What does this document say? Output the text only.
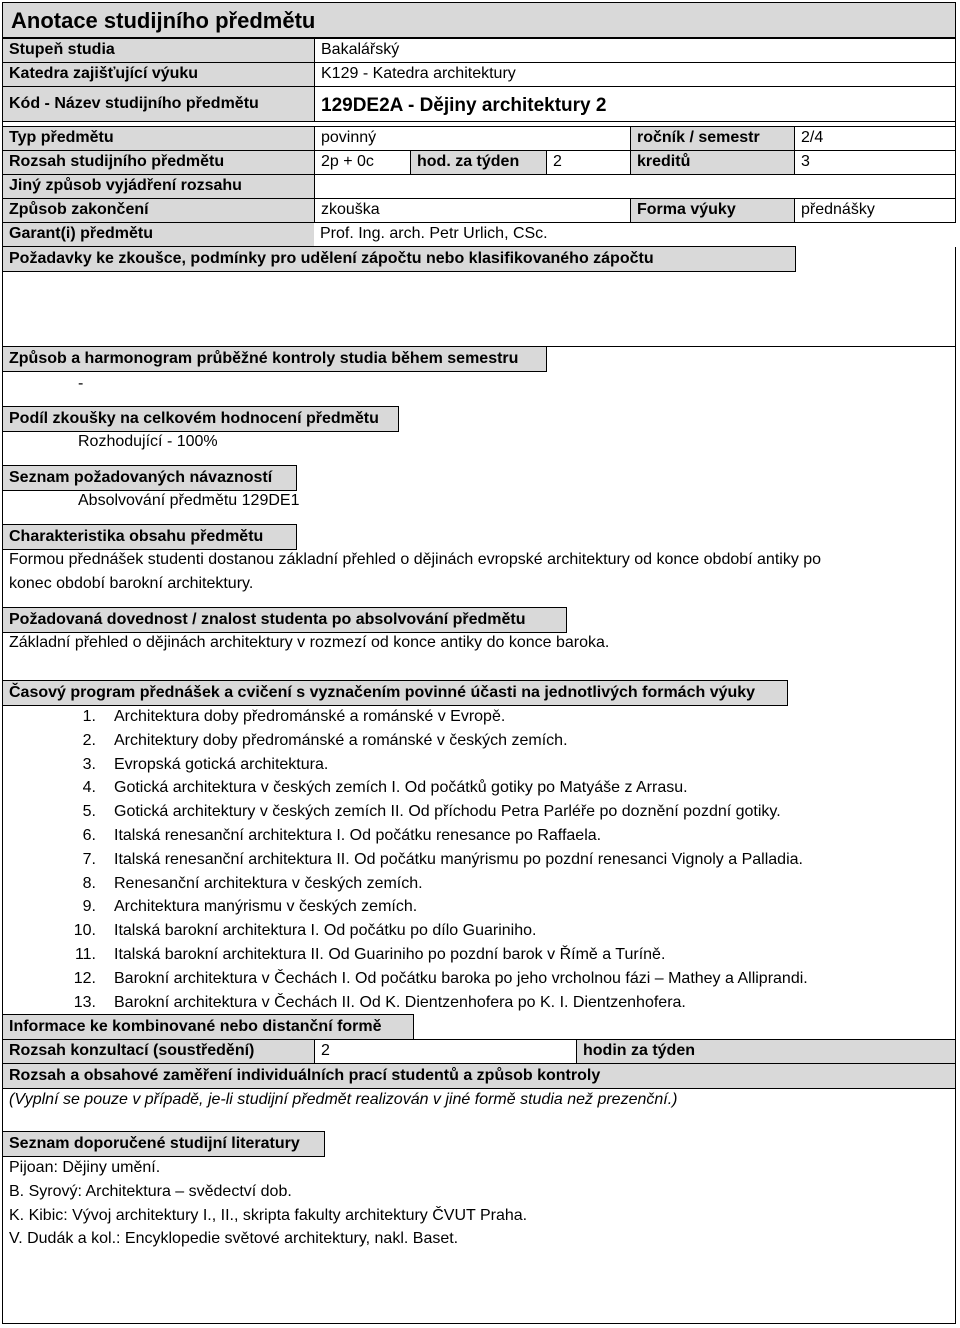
Anotace studijního předmětu
Stupeň studia	Bakalářský
Katedra zajišťující výuku	K129 - Katedra architektury
Kód - Název studijního předmětu	129DE2A - Dějiny architektury 2
Typ předmětu	povinný	ročník / semestr	2/4
Rozsah studijního předmětu	2p + 0c	hod. za týden	2	kreditů	3
Jiný způsob vyjádření rozsahu
Způsob zakončení	zkouška	Forma výuky	přednášky
Garant(i) předmětu	Prof. Ing. arch. Petr Urlich, CSc.
Požadavky ke zkoušce, podmínky pro udělení zápočtu nebo klasifikovaného zápočtu
Způsob a harmonogram průběžné kontroly studia během semestru
-
Podíl zkoušky na celkovém hodnocení předmětu
Rozhodující - 100%
Seznam požadovaných návazností
Absolvování předmětu 129DE1
Charakteristika obsahu předmětu
Formou přednášek studenti dostanou základní přehled o dějinách evropské architektury od konce období antiky po
konec období barokní architektury.
Požadovaná dovednost / znalost studenta po absolvování předmětu
Základní přehled o dějinách architektury v rozmezí od konce antiky do konce baroka.
Časový program přednášek a cvičení s vyznačením povinné účasti na jednotlivých formách výuky
1. Architektura doby předrománské a románské v Evropě.
2. Architektury doby předrománské a románské v českých zemích.
3. Evropská gotická architektura.
4. Gotická architektura v českých zemích I. Od počátků gotiky po Matyáše z Arrasu.
5. Gotická architektury v českých zemích II. Od příchodu Petra Parléře po doznění pozdní gotiky.
6. Italská renesanční architektura I. Od počátku renesance po Raffaela.
7. Italská renesanční architektura II. Od počátku manýrismu po pozdní renesanci Vignoly a Palladia.
8. Renesanční architektura v českých zemích.
9. Architektura manýrismu v českých zemích.
10. Italská barokní architektura I. Od počátku po dílo Guariniho.
11. Italská barokní architektura II. Od Guariniho po pozdní barok v Římě a Turíně.
12. Barokní architektura v Čechách I. Od počátku baroka po jeho vrcholnou fázi – Mathey a Alliprandi.
13. Barokní architektura v Čechách II. Od K. Dientzenhofera po K. I. Dientzenhofera.
Informace ke kombinované nebo distanční formě
Rozsah konzultací (soustředění)	2	hodin za týden
Rozsah a obsahové zaměření individuálních prací studentů a způsob kontroly
(Vyplní se pouze v případě, je-li studijní předmět realizován v jiné formě studia než prezenční.)
Seznam doporučené studijní literatury
Pijoan: Dějiny umění.
B. Syrový: Architektura – svědectví dob.
K. Kibic: Vývoj architektury I., II., skripta fakulty architektury ČVUT Praha.
V. Dudák a kol.: Encyklopedie světové architektury, nakl. Baset.
